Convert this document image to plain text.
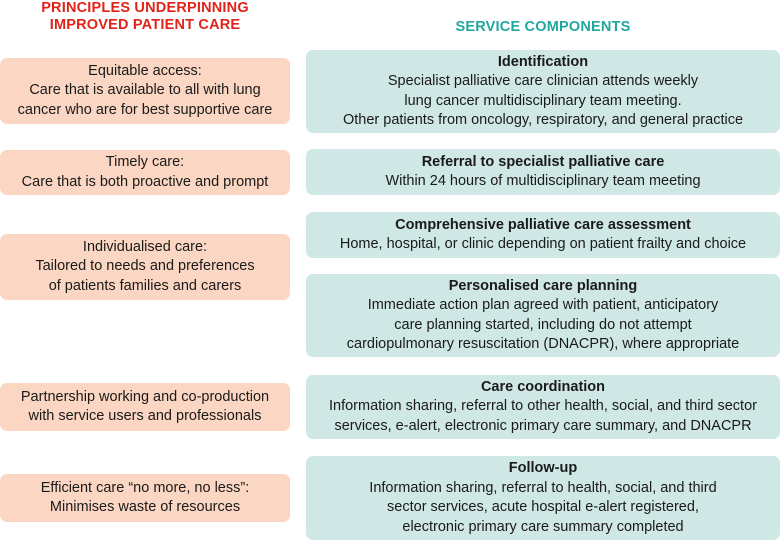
PRINCIPLES UNDERPINNING
IMPROVED PATIENT CARE	SERVICE COMPONENTS
Equitable access:
Care that is available to all with lung
cancer who are for best supportive care
Timely care:
Care that is both proactive and prompt
Individualised care:
Tailored to needs and preferences
of patients families and carers
Partnership working and co-production
with service users and professionals
Efficient care “no more, no less”:
Minimises waste of resources
Identification
Specialist palliative care clinician attends weekly
lung cancer multidisciplinary team meeting.
Other patients from oncology, respiratory, and general practice
Referral to specialist palliative care
Within 24 hours of multidisciplinary team meeting
Comprehensive palliative care assessment
Home, hospital, or clinic depending on patient frailty and choice
Personalised care planning
Immediate action plan agreed with patient, anticipatory
care planning started, including do not attempt
cardiopulmonary resuscitation (DNACPR), where appropriate
Care coordination
Information sharing, referral to other health, social, and third sector
services, e-alert, electronic primary care summary, and DNACPR
Follow-up
Information sharing, referral to health, social, and third
sector services, acute hospital e-alert registered,
electronic primary care summary completed
